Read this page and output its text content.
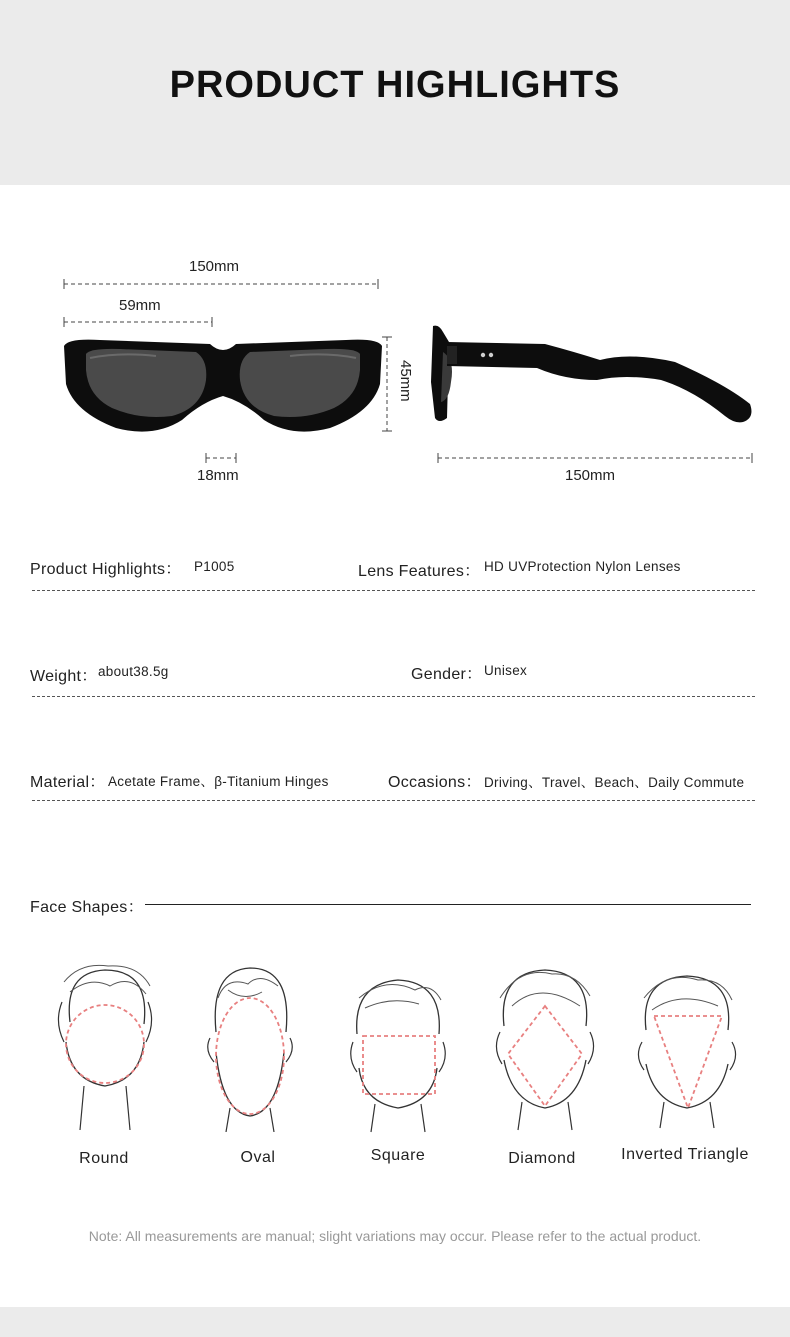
PRODUCT HIGHLIGHTS
150mm
59mm
45mm
18mm	150mm
Product Highlights： P1005	Lens Features： HD UVProtection Nylon Lenses
Weight： about38.5g	Gender： Unisex
Material： Acetate Frame、β-Titanium Hinges	Occasions： Driving、Travel、Beach、Daily Commute
Face Shapes：
Round	Oval	Square	Diamond	Inverted Triangle
Note: All measurements are manual; slight variations may occur. Please refer to the actual product.
